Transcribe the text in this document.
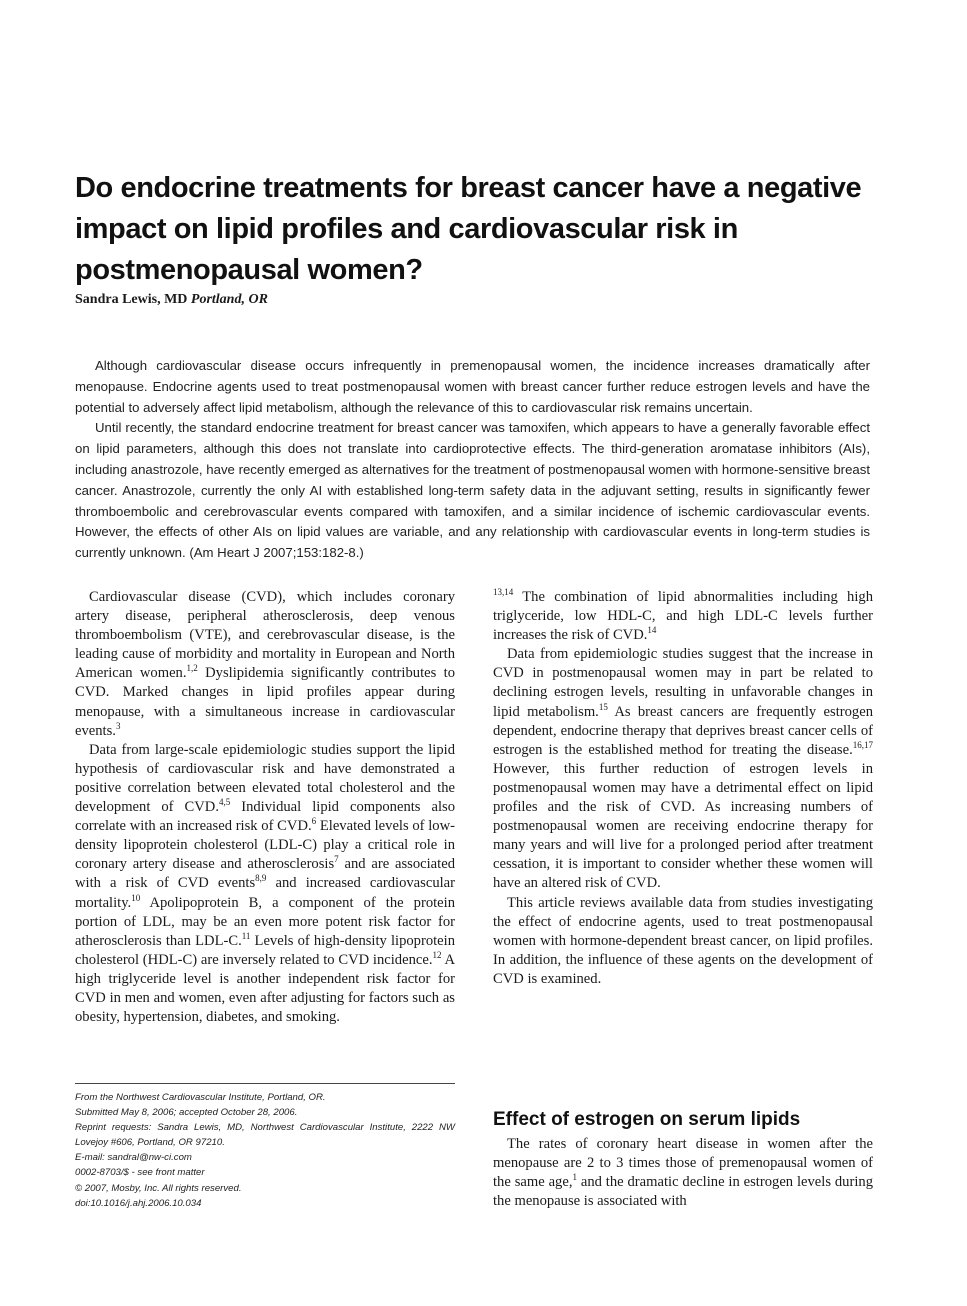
Do endocrine treatments for breast cancer have a negative impact on lipid profiles and cardiovascular risk in postmenopausal women?

Sandra Lewis, MD Portland, OR

Although cardiovascular disease occurs infrequently in premenopausal women, the incidence increases dramatically after menopause. Endocrine agents used to treat postmenopausal women with breast cancer further reduce estrogen levels and have the potential to adversely affect lipid metabolism, although the relevance of this to cardiovascular risk remains uncertain.

Until recently, the standard endocrine treatment for breast cancer was tamoxifen, which appears to have a generally favorable effect on lipid parameters, although this does not translate into cardioprotective effects. The third-generation aromatase inhibitors (AIs), including anastrozole, have recently emerged as alternatives for the treatment of postmenopausal women with hormone-sensitive breast cancer. Anastrozole, currently the only AI with established long-term safety data in the adjuvant setting, results in significantly fewer thromboembolic and cerebrovascular events compared with tamoxifen, and a similar incidence of ischemic cardiovascular events. However, the effects of other AIs on lipid values are variable, and any relationship with cardiovascular events in long-term studies is currently unknown. (Am Heart J 2007;153:182-8.)

Cardiovascular disease (CVD), which includes coronary artery disease, peripheral atherosclerosis, deep venous thromboembolism (VTE), and cerebrovascular disease, is the leading cause of morbidity and mortality in European and North American women.$^{1,2}$ Dyslipidemia significantly contributes to CVD. Marked changes in lipid profiles appear during menopause, with a simultaneous increase in cardiovascular events.$^3$

Data from large-scale epidemiologic studies support the lipid hypothesis of cardiovascular risk and have demonstrated a positive correlation between elevated total cholesterol and the development of CVD.$^{4,5}$ Individual lipid components also correlate with an increased risk of CVD.$^6$ Elevated levels of low-density lipoprotein cholesterol (LDL-C) play a critical role in coronary artery disease and atherosclerosis$^7$ and are associated with a risk of CVD events$^{8,9}$ and increased cardiovascular mortality.$^{10}$ Apolipoprotein B, a component of the protein portion of LDL, may be an even more potent risk factor for atherosclerosis than LDL-C.$^{11}$ Levels of high-density lipoprotein cholesterol (HDL-C) are inversely related to CVD incidence.$^{12}$ A high triglyceride level is another independent risk factor for CVD in men and women, even after adjusting for factors such as obesity, hypertension, diabetes, and smoking.

$^{13,14}$ The combination of lipid abnormalities including high triglyceride, low HDL-C, and high LDL-C levels further increases the risk of CVD.$^{14}$

Data from epidemiologic studies suggest that the increase in CVD in postmenopausal women may in part be related to declining estrogen levels, resulting in unfavorable changes in lipid metabolism.$^{15}$ As breast cancers are frequently estrogen dependent, endocrine therapy that deprives breast cancer cells of estrogen is the established method for treating the disease.$^{16,17}$ However, this further reduction of estrogen levels in postmenopausal women may have a detrimental effect on lipid profiles and the risk of CVD. As increasing numbers of postmenopausal women are receiving endocrine therapy for many years and will live for a prolonged period after treatment cessation, it is important to consider whether these women will have an altered risk of CVD.

This article reviews available data from studies investigating the effect of endocrine agents, used to treat postmenopausal women with hormone-dependent breast cancer, on lipid profiles. In addition, the influence of these agents on the development of CVD is examined.

From the Northwest Cardiovascular Institute, Portland, OR.
Submitted May 8, 2006; accepted October 28, 2006.
Reprint requests: Sandra Lewis, MD, Northwest Cardiovascular Institute, 2222 NW Lovejoy #606, Portland, OR 97210.
E-mail: sandral@nw-ci.com
0002-8703/$ - see front matter
© 2007, Mosby, Inc. All rights reserved.
doi:10.1016/j.ahj.2006.10.034
Effect of estrogen on serum lipids

The rates of coronary heart disease in women after the menopause are 2 to 3 times those of premenopausal women of the same age,$^1$ and the dramatic decline in estrogen levels during the menopause is associated with
